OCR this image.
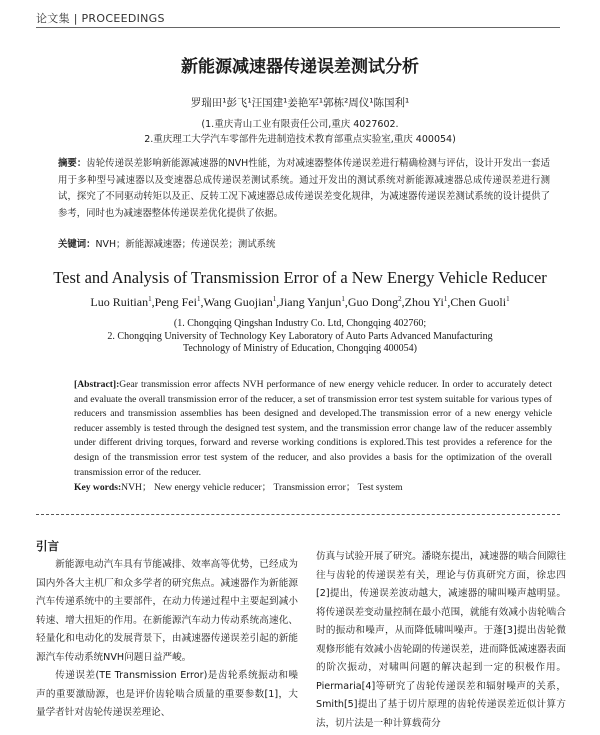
论文集 | PROCEEDINGS
新能源减速器传递误差测试分析
罗瑞田¹彭飞¹汪国建¹姜艳军¹郭栋²周仪¹陈国利¹
(1.重庆青山工业有限责任公司,重庆 4027602.
2.重庆理工大学汽车零部件先进制造技术教育部重点实验室,重庆 400054)
摘要：齿轮传递误差影响新能源减速器的NVH性能，为对减速器整体传递误差进行精确检测与评估，设计开发出一套适用于多种型号减速器以及变速器总成传递误差测试系统。通过开发出的测试系统对新能源减速器总成传递误差进行测试，探究了不同驱动转矩以及正、反转工况下减速器总成传递误差变化规律，为减速器传递误差测试系统的设计提供了参考，同时也为减速器整体传递误差优化提供了依据。
关键词：NVH；新能源减速器；传递误差；测试系统
Test and Analysis of Transmission Error of a New Energy Vehicle Reducer
Luo Ruitian$^1$,Peng Fei$^1$,Wang Guojian$^1$,Jiang Yanjun$^1$,Guo Dong$^2$,Zhou Yi$^1$,Chen Guoli$^1$
(1. Chongqing Qingshan Industry Co. Ltd, Chongqing 402760;
2. Chongqing University of Technology Key Laboratory of Auto Parts Advanced Manufacturing
Technology of Ministry of Education, Chongqing 400054)
[Abstract]:Gear transmission error affects NVH performance of new energy vehicle reducer. In order to accurately detect and evaluate the overall transmission error of the reducer, a set of transmission error test system suitable for various types of reducers and transmission assemblies has been designed and developed.The transmission error of a new energy vehicle reducer assembly is tested through the designed test system, and the transmission error change law of the reducer assembly under different driving torques, forward and reverse working conditions is explored.This test provides a reference for the design of the transmission error test system of the reducer, and also provides a basis for the optimization of the overall transmission error of the reducer.
Key words:NVH； New energy vehicle reducer； Transmission error； Test system
引言

新能源电动汽车具有节能减排、效率高等优势，已经成为国内外各大主机厂和众多学者的研究焦点。减速器作为新能源汽车传递系统中的主要部件，在动力传递过程中主要起到减小转速、增大扭矩的作用。在新能源汽车动力传动系统高速化、轻量化和电动化的发展背景下，由减速器传递误差引起的新能源汽车传动系统NVH问题日益严峻。

传递误差(TE Transmission Error)是齿轮系统振动和噪声的重要激励源，也是评价齿轮啮合质量的重要参数[1]，大量学者针对齿轮传递误差理论、

仿真与试验开展了研究。潘晓东提出，减速器的啮合间隙往往与齿轮的传递误差有关，理论与仿真研究方面，徐忠四[2]提出，传递误差波动越大，减速器的啸叫噪声越明显。将传递误差变动量控制在最小范围，就能有效减小齿轮啮合时的振动和噪声，从而降低啸叫噪声。于蓬[3]提出齿轮微观修形能有效减小齿轮副的传递误差，进而降低减速器表面的阶次振动，对啸叫问题的解决起到一定的积极作用。Piermaria[4]等研究了齿轮传递误差和辐射噪声的关系，Smith[5]提出了基于切片原理的齿轮传递误差近似计算方法，切片法是一种计算载荷分
